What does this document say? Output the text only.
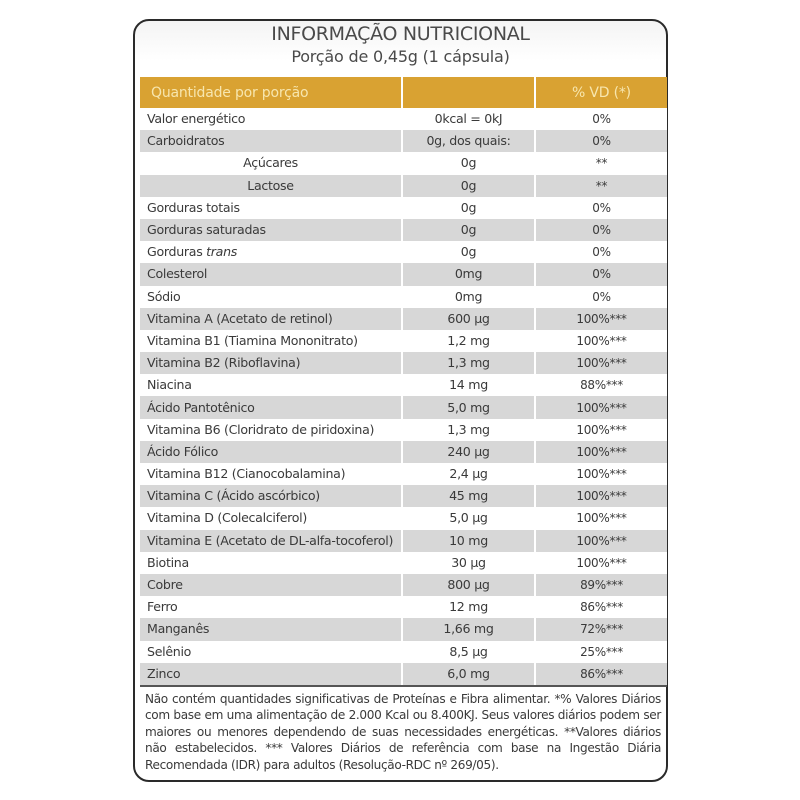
INFORMAÇÃO NUTRICIONAL
Porção de 0,45g (1 cápsula)
Quantidade por porção		% VD (*)
Valor energético	0kcal = 0kJ	0%
Carboidratos	0g, dos quais:	0%
Açúcares	0g	**
Lactose	0g	**
Gorduras totais	0g	0%
Gorduras saturadas	0g	0%
Gorduras trans	0g	0%
Colesterol	0mg	0%
Sódio	0mg	0%
Vitamina A (Acetato de retinol)	600 µg	100%***
Vitamina B1 (Tiamina Mononitrato)	1,2 mg	100%***
Vitamina B2 (Riboflavina)	1,3 mg	100%***
Niacina	14 mg	88%***
Ácido Pantotênico	5,0 mg	100%***
Vitamina B6 (Cloridrato de piridoxina)	1,3 mg	100%***
Ácido Fólico	240 µg	100%***
Vitamina B12 (Cianocobalamina)	2,4 µg	100%***
Vitamina C (Ácido ascórbico)	45 mg	100%***
Vitamina D (Colecalciferol)	5,0 µg	100%***
Vitamina E (Acetato de DL-alfa-tocoferol)	10 mg	100%***
Biotina	30 µg	100%***
Cobre	800 µg	89%***
Ferro	12 mg	86%***
Manganês	1,66 mg	72%***
Selênio	8,5 µg	25%***
Zinco	6,0 mg	86%***
Não contém quantidades significativas de Proteínas e Fibra alimentar. *% Valores Diários com base em uma alimentação de 2.000 Kcal ou 8.400KJ. Seus valores diários podem ser maiores ou menores dependendo de suas necessidades energéticas. **Valores diários não estabelecidos. *** Valores Diários de referência com base na Ingestão Diária Recomendada (IDR) para adultos (Resolução-RDC nº 269/05).
